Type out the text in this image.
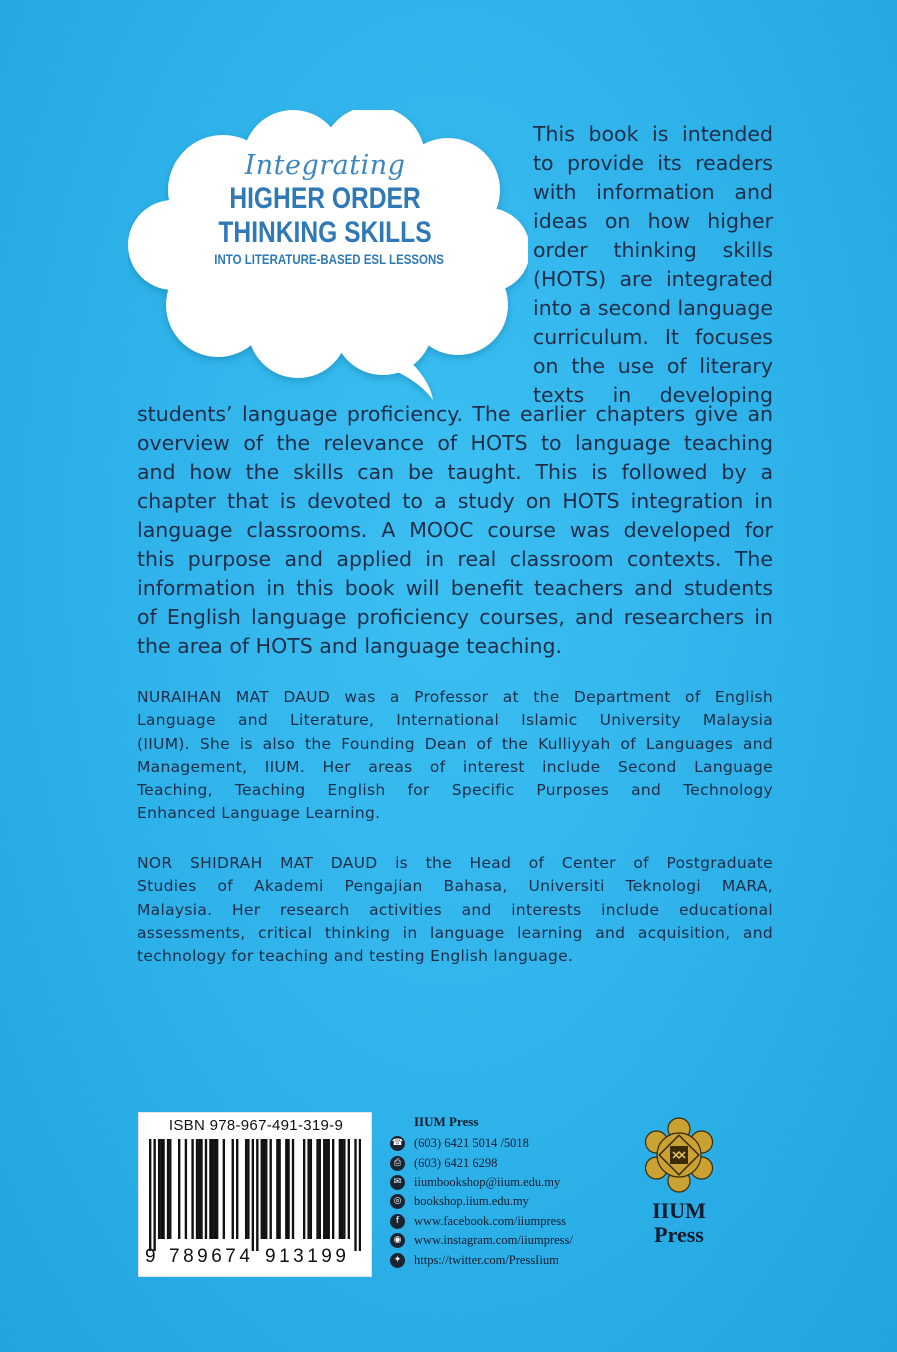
Integrating
HIGHER ORDER
THINKING SKILLS
INTO LITERATURE-BASED ESL LESSONS
This book is intended
to provide its readers
with information and
ideas on how higher
order thinking skills
(HOTS) are integrated
into a second language
curriculum. It focuses
on the use of literary
texts in developing
students’ language proficiency. The earlier chapters give an
overview of the relevance of HOTS to language teaching
and how the skills can be taught. This is followed by a
chapter that is devoted to a study on HOTS integration in
language classrooms. A MOOC course was developed for
this purpose and applied in real classroom contexts. The
information in this book will benefit teachers and students
of English language proficiency courses, and researchers in
the area of HOTS and language teaching.
NURAIHAN MAT DAUD was a Professor at the Department of English
Language and Literature, International Islamic University Malaysia
(IIUM). She is also the Founding Dean of the Kulliyyah of Languages and
Management, IIUM. Her areas of interest include Second Language
Teaching, Teaching English for Specific Purposes and Technology
Enhanced Language Learning.
NOR SHIDRAH MAT DAUD is the Head of Center of Postgraduate
Studies of Akademi Pengajian Bahasa, Universiti Teknologi MARA,
Malaysia. Her research activities and interests include educational
assessments, critical thinking in language learning and acquisition, and
technology for teaching and testing English language.
ISBN 978-967-491-319-9
9 789674 913199
IIUM Press
☎ (603) 6421 5014 /5018
⎙	(603) 6421 6298
✉ iiumbookshop@iium.edu.my
◎ bookshop.iium.edu.my
f	www.facebook.com/iiumpress
◉ www.instagram.com/iiumpress/
✦ https://twitter.com/PressIium
IIUM
Press
